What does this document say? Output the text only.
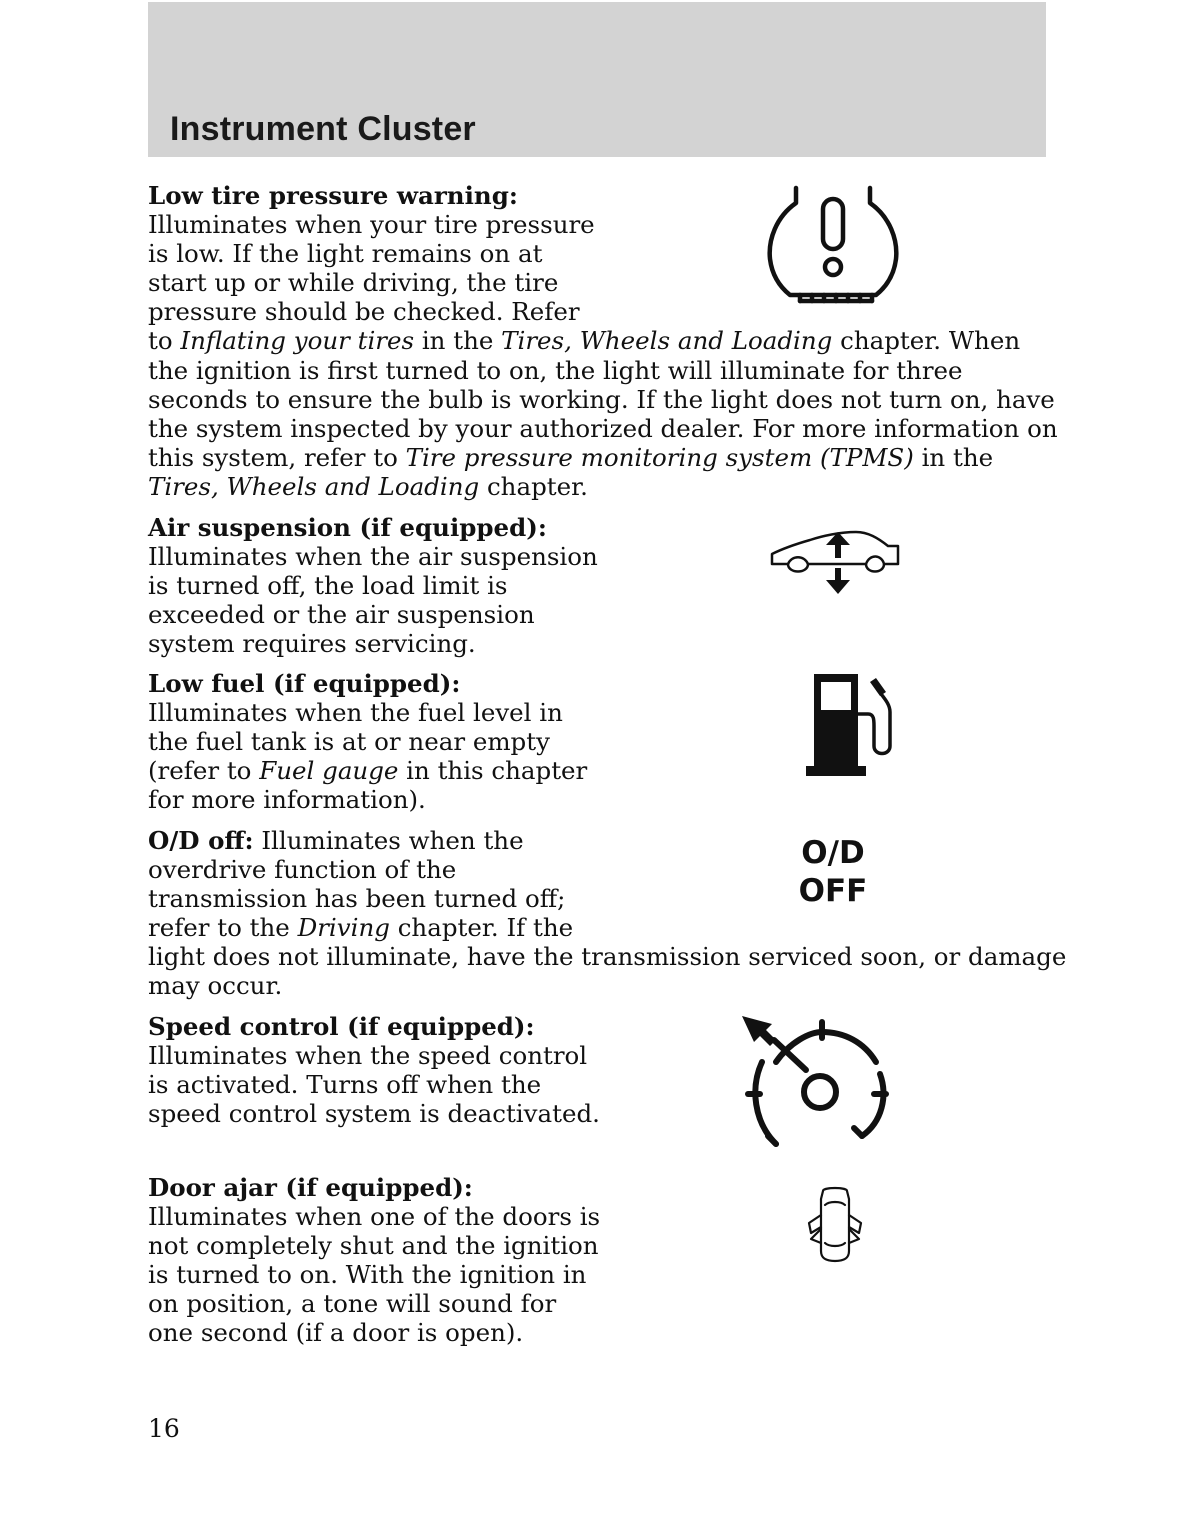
Instrument Cluster
Low tire pressure warning:
Illuminates when your tire pressure
is low. If the light remains on at
start up or while driving, the tire
pressure should be checked. Refer
to Inflating your tires in the Tires, Wheels and Loading chapter. When
the ignition is first turned to on, the light will illuminate for three
seconds to ensure the bulb is working. If the light does not turn on, have
the system inspected by your authorized dealer. For more information on
this system, refer to Tire pressure monitoring system (TPMS) in the
Tires, Wheels and Loading chapter.
Air suspension (if equipped):
Illuminates when the air suspension
is turned off, the load limit is
exceeded or the air suspension
system requires servicing.
Low fuel (if equipped):
Illuminates when the fuel level in
the fuel tank is at or near empty
(refer to Fuel gauge in this chapter
for more information).
O/D off: Illuminates when the
overdrive function of the
transmission has been turned off;
refer to the Driving chapter. If the
light does not illuminate, have the transmission serviced soon, or damage
may occur.
O/D
OFF
Speed control (if equipped):
Illuminates when the speed control
is activated. Turns off when the
speed control system is deactivated.
Door ajar (if equipped):
Illuminates when one of the doors is
not completely shut and the ignition
is turned to on. With the ignition in
on position, a tone will sound for
one second (if a door is open).
16
